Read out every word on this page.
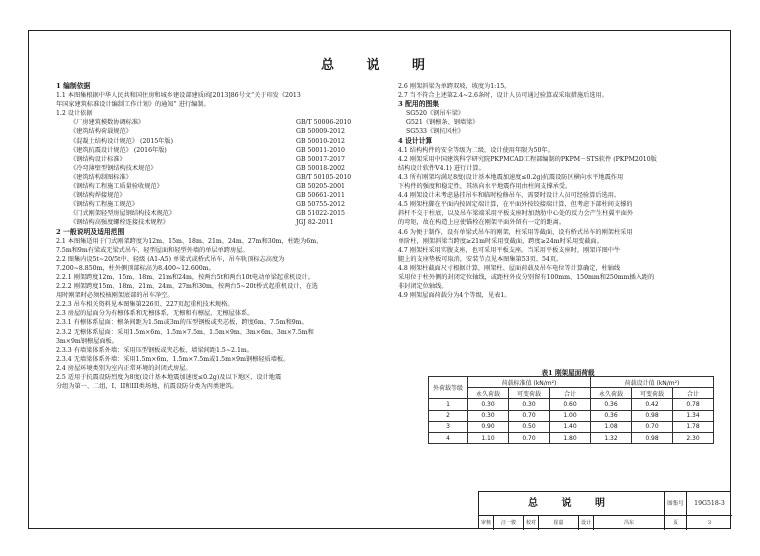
总 说 明
1 编制依据
1.1 本图集根据中华人民共和国住房和城乡建设部建质函[2013]86号文“关于印发《2013
年国家建筑标准设计编制工作计划》的通知” 进行编制。
1.2 设计依据
《厂房建筑模数协调标准》	GB/T 50006-2010
《建筑结构荷载规范》	GB 50009-2012
《混凝土结构设计规范》 (2015年版)	GB 50010-2012
《建筑抗震设计规范》 (2016年版)	GB 50011-2010
《钢结构设计标准》	GB 50017-2017
《冷弯薄壁型钢结构技术规范》	GB 50018-2002
《建筑结构制图标准》	GB/T 50105-2010
《钢结构工程施工质量验收规范》	GB 50205-2001
《钢结构焊接规范》	GB 50661-2011
《钢结构工程施工规范》	GB 50755-2012
《门式刚架轻型房屋钢结构技术规范》	GB 51022-2015
《钢结构高强度螺栓连接技术规程》	JGJ 82-2011
2 一般说明及适用范围
2.1 本图集适用于门式刚架跨度为12m、15m、18m、21m、24m、27m和30m，柱距为6m、
7.5m和9m有梁或无梁式吊车，轻型屋面和轻型外墙的单层单跨房屋。
2.2 图集内设5t~20/5t中、轻级 (A1-A5) 单梁式或桥式吊车，吊车轨顶标志高度为
7.200~8.850m，柱外侧顶部标高为8.400~12.600m。
2.2.1 刚架跨度12m、15m、18m、21m和24m，按两台5t和两台10t电动单梁起重机设计。
2.2.2 刚架跨度15m、18m、21m、24m、27m和30m，按两台5~20t桥式起重机设计，在选
用时刚架时必须校核刚架底部的吊车净空。
2.2.3 吊车相关资料见本图集第226页、227页起重机技术规格。
2.3 房屋的屋面分为有檩体系和无檩体系，无檩和有檩屋，无檩屋体系。
2.3.1 有檩体系屋面：檩条间距为1.5m或3m的压型钢板或夹芯板，跨度6m、7.5m和9m。
2.3.2 无檩体系屋面：采用1.5m×6m、1.5m×7.5m、1.5m×9m、3m×6m、3m×7.5m和
3m×9m钢檩屋面板。
2.3.3 有墙梁体系外墙：采用压型钢板或夹芯板，墙梁间距1.5~2.1m。
2.3.4 无墙梁体系外墙：采用1.5m×6m、1.5m×7.5m或1.5m×9m钢檩轻质墙板。
2.4 房屋环境类别为室内正常环境的封闭式房屋。
2.5 适用于抗震设防烈度为8度(设计基本地震加速度≤0.2g)及以下地区，设计地震
分组为第一、二组，I、II和III类场地，抗震设防分类为丙类建筑。
2.6 刚架斜梁为单跨双坡，坡度为1:15。
2.7 当不符合上述第2.4~2.6条时，设计人员可通过验算或采取措施后选用。
3 配用的图集
SG520《钢吊车梁》
G521《钢檩条、钢墙梁》
SG533《钢抗风柱》
4 设计计算
4.1 结构构件的安全等级为二级，设计使用年限为50年。
4.2 刚架采用中国建筑科学研究院PKPMCAD工程部编制的PKPM－STS软件 (PKPM2010版
结构设计软件V4.1) 进行计算。
4.3 所有刚架均满足8度(设计基本地震加速度≤0.2g)抗震设防区横向水平地震作用
下构件的强度和稳定性，其纵向水平地震作用由柱间支撑承受。
4.4 刚架设计未考虑悬挂吊车和临时检修吊车，需要时设计人员可经验算后选用。
4.5 刚架柱脚在平面内按固定端计算，在平面外按铰接端计算，但考虑下部柱间支撑的
斜杆不交于柱底，以及吊车梁端采用平板支座时加劲肋中心处的反力会产生柱翼平面外
的弯矩，故在构造上应使锚栓在刚架平面外留有一定的距离。
4.6 为便于制作，设有单梁式吊车的刚架，柱采用等截面，设有桥式吊车的刚架柱采用
单阶柱，刚架斜梁当跨度≥21m时采用变截面，跨度≥24m时采用变截面。
4.7 刚架柱采用实腹支座，也可采用平板支座。当采用平板支座时，刚架详图中牛
腿上的支座垫板可取消，安装节点见本图集第53页、54页。
4.8 刚架柱截面尺寸根据计算，刚架柱、屋面荷载及吊车电位等计算确定，柱轴线
采用位于柱外侧的封闭定位轴线，或距柱外皮分别留有100mm、150mm和250mm插入距的
非封闭定位轴线。
4.9 刚架屋面荷载分为4个等级，见表1。
表1 刚架屋面荷载
外荷载等级	荷载标准值 (kN/m²)			荷载设计值 (kN/m²)		
	永久荷载	可变荷载	合计	永久荷载	可变荷载	合计
1	0.30	0.30	0.60	0.36	0.42	0.78
2	0.30	0.70	1.00	0.36	0.98	1.34
3	0.90	0.50	1.40	1.08	0.70	1.78
4	1.10	0.70	1.80	1.32	0.98	2.30
总 说 明	图集号	19G518-3
审核	汪一骏	校对	崔嘉	设计	冯东	页	3
